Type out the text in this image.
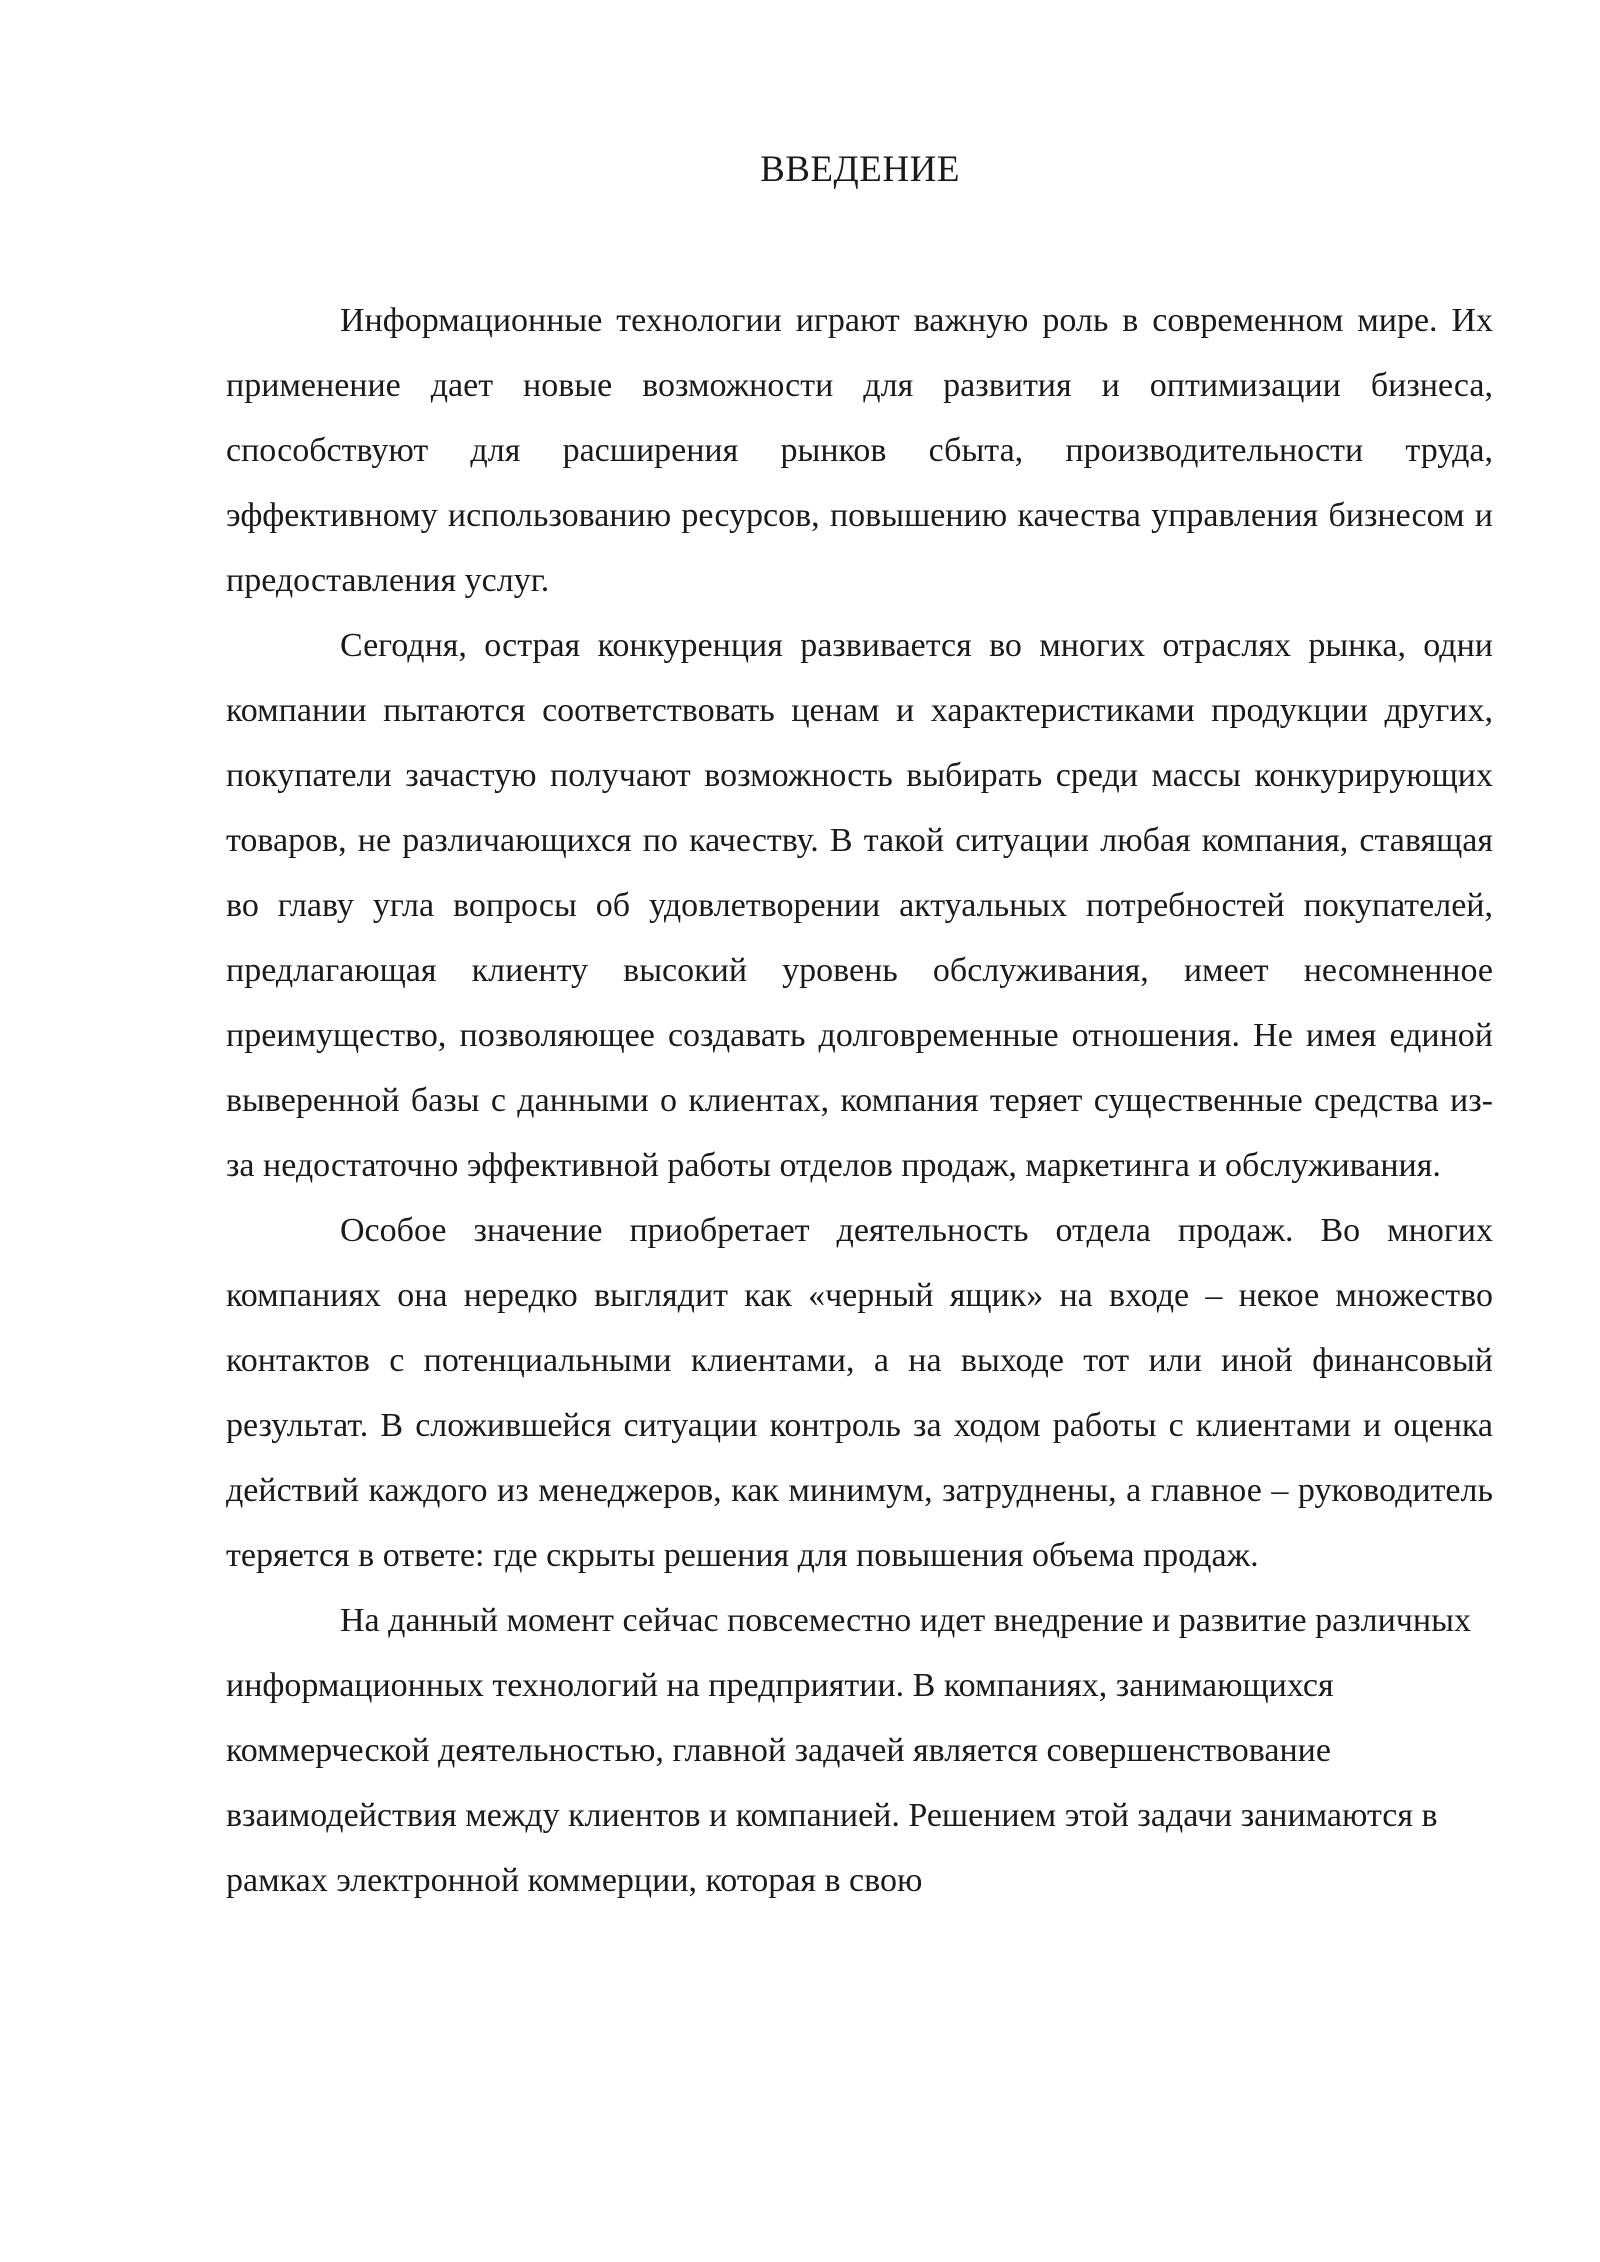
ВВЕДЕНИЕ

Информационные технологии играют важную роль в современном мире. Их применение дает новые возможности для развития и оптимизации бизнеса, способствуют для расширения рынков сбыта, производительности труда, эффективному использованию ресурсов, повышению качества управления бизнесом и предоставления услуг.

Сегодня, острая конкуренция развивается во многих отраслях рынка, одни компании пытаются соответствовать ценам и характеристиками продукции других, покупатели зачастую получают возможность выбирать среди массы конкурирующих товаров, не различающихся по качеству. В такой ситуации любая компания, ставящая во главу угла вопросы об удовлетворении актуальных потребностей покупателей, предлагающая клиенту высокий уровень обслуживания, имеет несомненное преимущество, позволяющее создавать долговременные отношения. Не имея единой выверенной базы с данными о клиентах, компания теряет существенные средства из-за недостаточно эффективной работы отделов продаж, маркетинга и обслуживания.

Особое значение приобретает деятельность отдела продаж. Во многих компаниях она нередко выглядит как «черный ящик» на входе – некое множество контактов с потенциальными клиентами, а на выходе тот или иной финансовый результат. В сложившейся ситуации контроль за ходом работы с клиентами и оценка действий каждого из менеджеров, как минимум, затруднены, а главное – руководитель теряется в ответе: где скрыты решения для повышения объема продаж.

На данный момент сейчас повсеместно идет внедрение и развитие различных информационных технологий на предприятии. В компаниях, занимающихся коммерческой деятельностью, главной задачей является совершенствование взаимодействия между клиентов и компанией. Решением этой задачи занимаются в рамках электронной коммерции, которая в свою
